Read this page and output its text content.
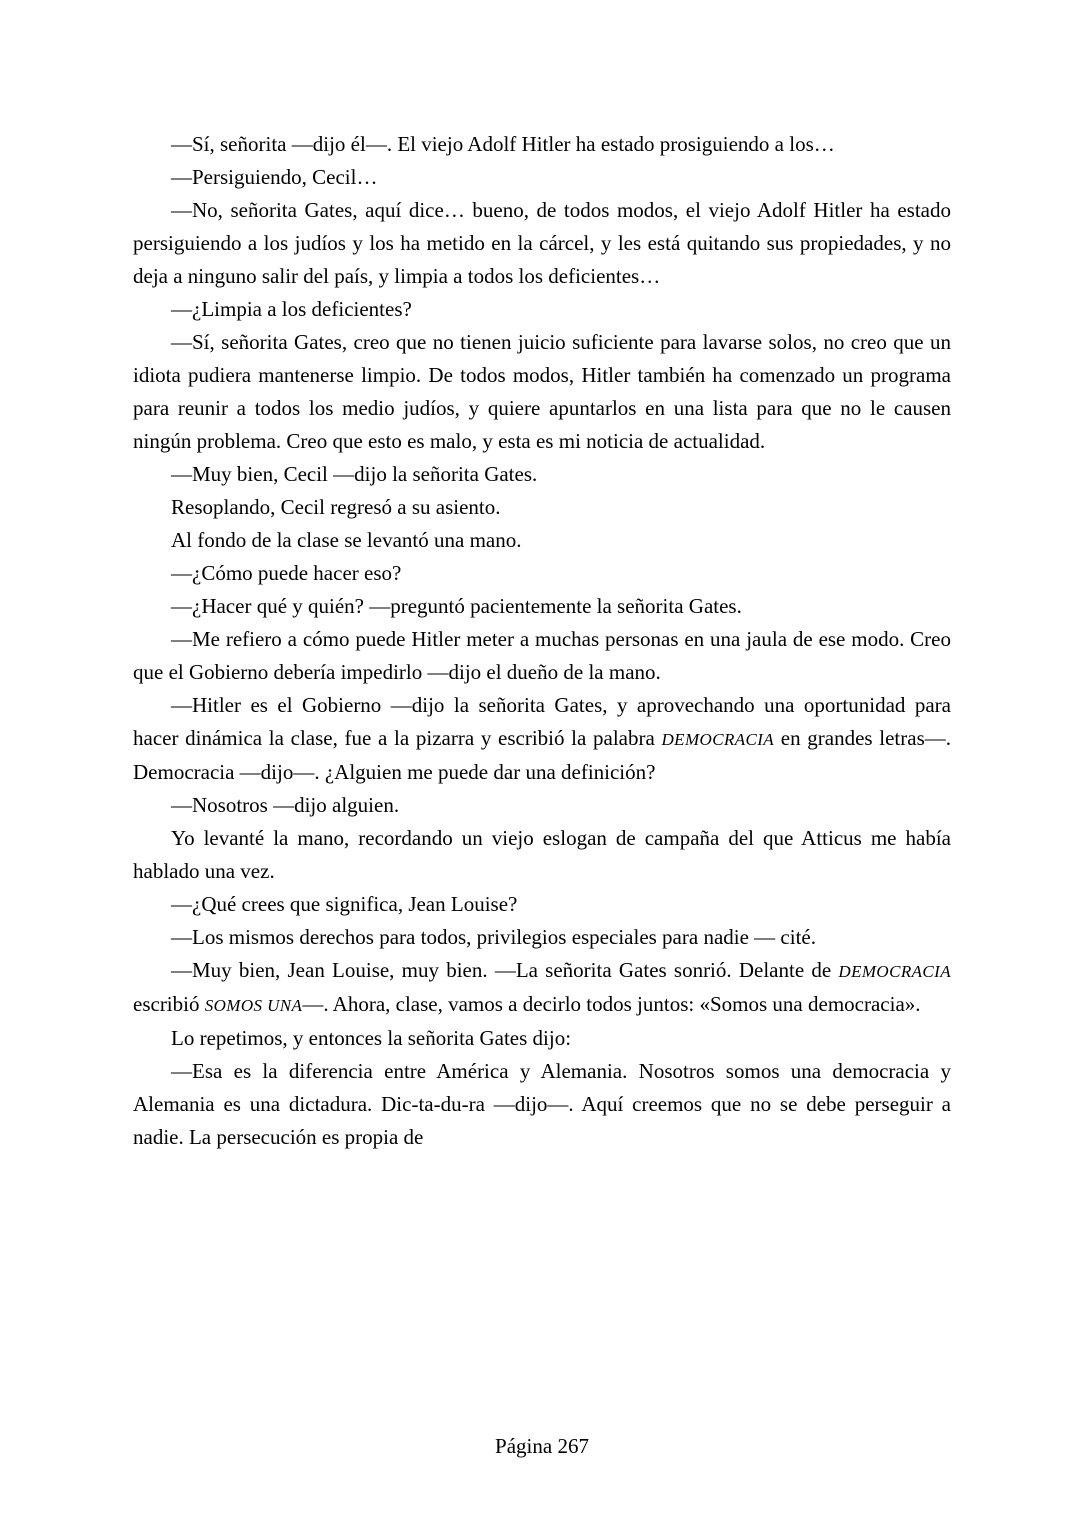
—Sí, señorita —dijo él—. El viejo Adolf Hitler ha estado prosiguiendo a los…

—Persiguiendo, Cecil…

—No, señorita Gates, aquí dice… bueno, de todos modos, el viejo Adolf Hitler ha estado persiguiendo a los judíos y los ha metido en la cárcel, y les está quitando sus propiedades, y no deja a ninguno salir del país, y limpia a todos los deficientes…

—¿Limpia a los deficientes?

—Sí, señorita Gates, creo que no tienen juicio suficiente para lavarse solos, no creo que un idiota pudiera mantenerse limpio. De todos modos, Hitler también ha comenzado un programa para reunir a todos los medio judíos, y quiere apuntarlos en una lista para que no le causen ningún problema. Creo que esto es malo, y esta es mi noticia de actualidad.

—Muy bien, Cecil —dijo la señorita Gates.

Resoplando, Cecil regresó a su asiento.

Al fondo de la clase se levantó una mano.

—¿Cómo puede hacer eso?

—¿Hacer qué y quién? —preguntó pacientemente la señorita Gates.

—Me refiero a cómo puede Hitler meter a muchas personas en una jaula de ese modo. Creo que el Gobierno debería impedirlo —dijo el dueño de la mano.

—Hitler es el Gobierno —dijo la señorita Gates, y aprovechando una oportunidad para hacer dinámica la clase, fue a la pizarra y escribió la palabra DEMOCRACIA en grandes letras—. Democracia —dijo—. ¿Alguien me puede dar una definición?

—Nosotros —dijo alguien.

Yo levanté la mano, recordando un viejo eslogan de campaña del que Atticus me había hablado una vez.

—¿Qué crees que significa, Jean Louise?

—Los mismos derechos para todos, privilegios especiales para nadie — cité.

—Muy bien, Jean Louise, muy bien. —La señorita Gates sonrió. Delante de DEMOCRACIA escribió SOMOS UNA—. Ahora, clase, vamos a decirlo todos juntos: «Somos una democracia».

Lo repetimos, y entonces la señorita Gates dijo:

—Esa es la diferencia entre América y Alemania. Nosotros somos una democracia y Alemania es una dictadura. Dic-ta-du-ra —dijo—. Aquí creemos que no se debe perseguir a nadie. La persecución es propia de

Página 267
